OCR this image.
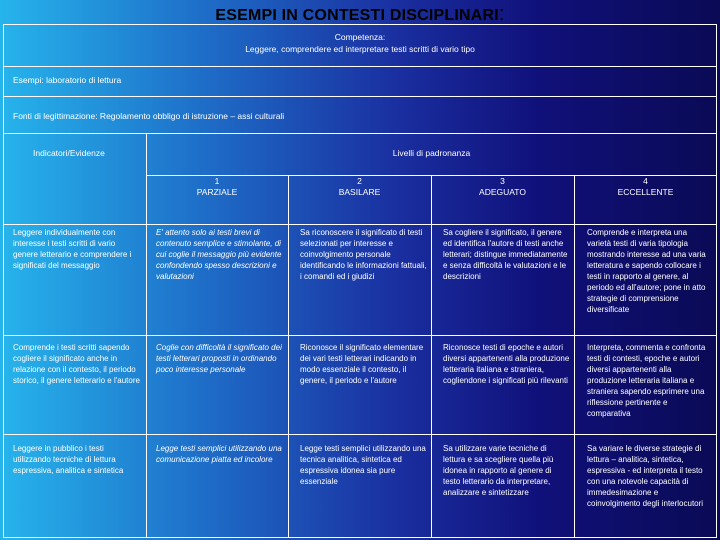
ESEMPI IN CONTESTI DISCIPLINARI:
Competenza:
Leggere, comprendere ed interpretare testi scritti di vario tipo
Esempi: laboratorio di lettura
Fonti di legittimazione: Regolamento obbligo di istruzione – assi culturali
Indicatori/Evidenze	Livelli di padronanza
1
PARZIALE
2
BASILARE
3
ADEGUATO
4
ECCELLENTE
Leggere individualmente con interesse i testi scritti di vario genere letterario e comprendere i significati del messaggio
E' attento solo ai testi brevi di contenuto semplice e stimolante, di cui coglie il messaggio più evidente confondendo spesso descrizioni e valutazioni
Sa riconoscere il significato di testi selezionati per interesse e coinvolgimento personale identificando le informazioni fattuali, i comandi ed i giudizi
Sa cogliere il significato, il genere ed identifica l'autore di testi anche letterari; distingue immediatamente e senza difficoltà le valutazioni e le descrizioni
Comprende e interpreta una varietà testi di varia tipologia mostrando interesse ad una varia letteratura e sapendo collocare i testi in rapporto al genere, al periodo ed all'autore; pone in atto strategie di comprensione diversificate
Comprende i testi scritti sapendo cogliere il significato anche in relazione con il contesto, il periodo storico, il genere letterario e l'autore
Coglie con difficoltà il significato dei testi letterari proposti in ordinando poco interesse personale
Riconosce il significato elementare dei vari testi letterari indicando in modo essenziale il contesto, il genere, il periodo e l'autore
Riconosce testi di epoche e autori diversi appartenenti alla produzione letteraria italiana e straniera, cogliendone i significati più rilevanti
Interpreta, commenta e confronta testi di contesti, epoche e autori diversi appartenenti alla produzione letteraria italiana e straniera sapendo esprimere una riflessione pertinente e comparativa
Leggere in pubblico i testi utilizzando tecniche di lettura espressiva, analitica e sintetica
Legge testi semplici utilizzando una comunicazione piatta ed incolore
Legge testi semplici utilizzando una tecnica analitica, sintetica ed espressiva idonea sia pure essenziale
Sa utilizzare varie tecniche di lettura e sa scegliere quella più idonea in rapporto al genere di testo letterario da interpretare, analizzare e sintetizzare
Sa variare le diverse strategie di lettura – analitica, sintetica, espressiva - ed interpreta il testo con una notevole capacità di immedesimazione e coinvolgimento degli interlocutori
